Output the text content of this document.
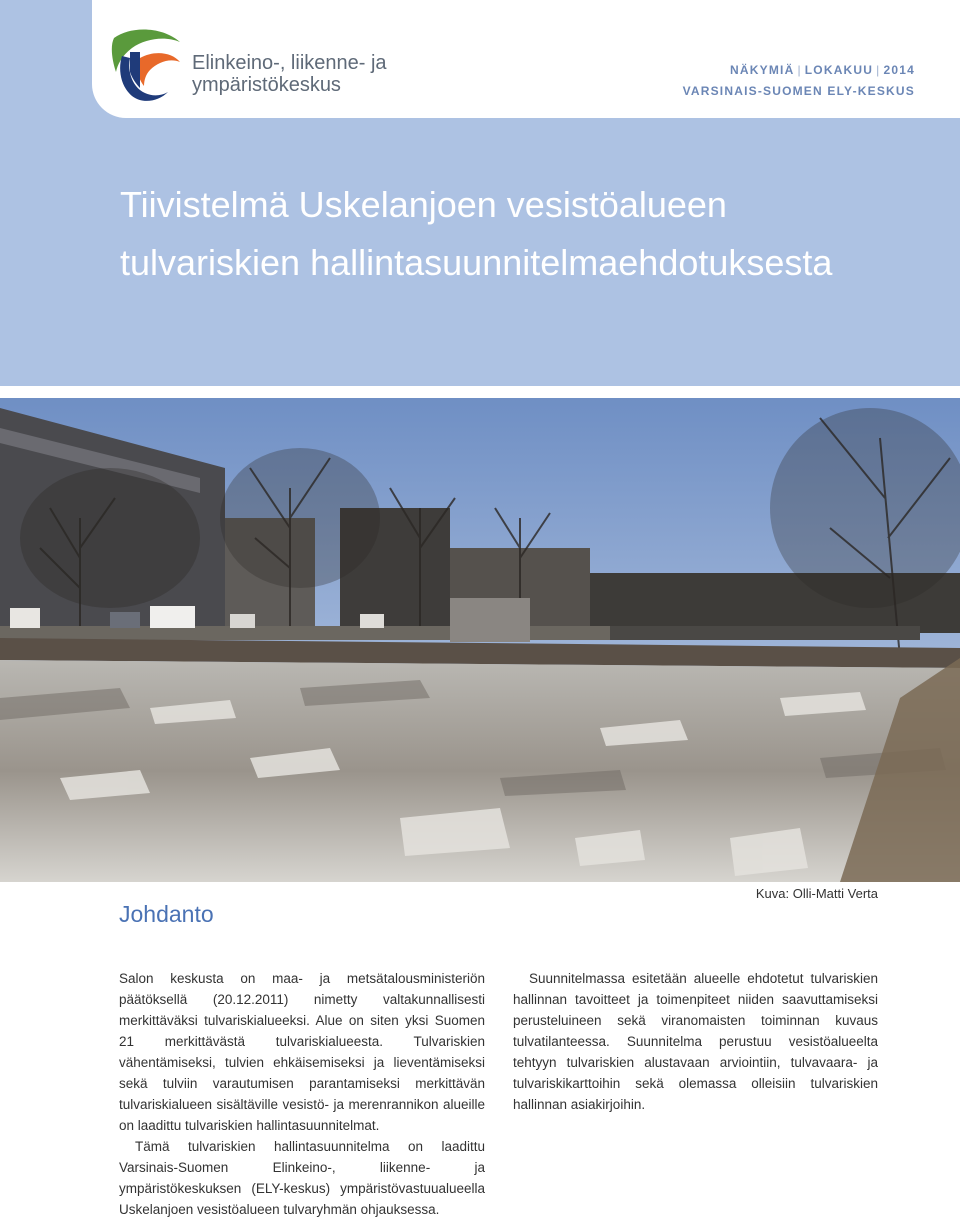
Elinkeino-, liikenne- ja
ympäristökeskus
NÄKYMIÄ | LOKAKUU | 2014
VARSINAIS-SUOMEN ELY-KESKUS
Tiivistelmä Uskelanjoen vesistöalueen
tulvariskien hallintasuunnitelmaehdotuksesta
Kuva: Olli-Matti Verta
Johdanto

Salon keskusta on maa- ja metsätalousministeriön päätöksellä (20.12.2011) nimetty valtakunnallisesti merkittäväksi tulvariskialueeksi. Alue on siten yksi Suomen 21 merkittävästä tulvariskialueesta. Tulvariskien vähentämiseksi, tulvien ehkäisemiseksi ja lieventämiseksi sekä tulviin varautumisen parantamiseksi merkittävän tulvariskialueen sisältäville vesistö- ja merenrannikon alueille on laadittu tulvariskien hallintasuunnitelmat.

Tämä tulvariskien hallintasuunnitelma on laadittu Varsinais-Suomen Elinkeino-, liikenne- ja ympäristökeskuksen (ELY-keskus) ympäristövastuualueella Uskelanjoen vesistöalueen tulvaryhmän ohjauksessa.

Suunnitelmassa esitetään alueelle ehdotetut tulvariskien hallinnan tavoitteet ja toimenpiteet niiden saavuttamiseksi perusteluineen sekä viranomaisten toiminnan kuvaus tulvatilanteessa. Suunnitelma perustuu vesistöalueelta tehtyyn tulvariskien alustavaan arviointiin, tulvavaara- ja tulvariskikarttoihin sekä olemassa olleisiin tulvariskien hallinnan asiakirjoihin.
